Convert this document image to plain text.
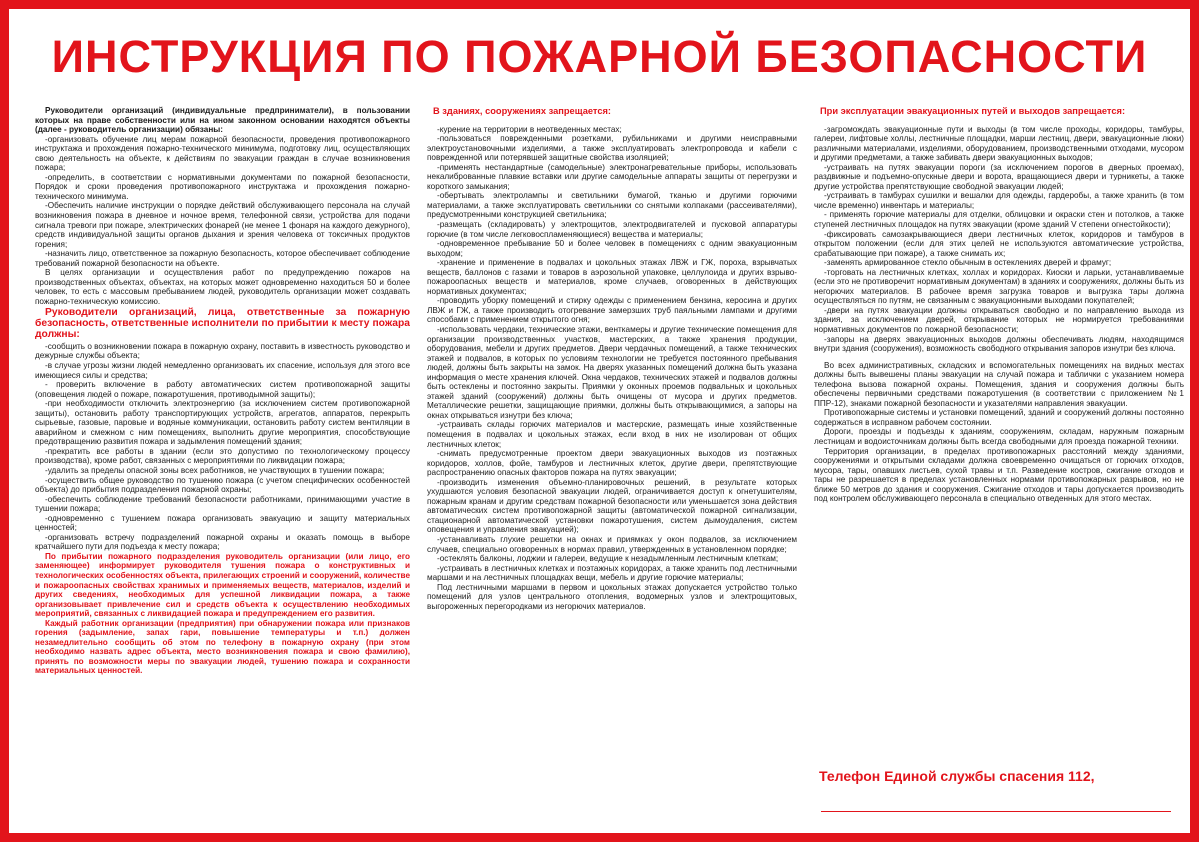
ИНСТРУКЦИЯ ПО ПОЖАРНОЙ БЕЗОПАСНОСТИ

Руководители организаций (индивидуальные предприниматели), в пользовании которых на праве собственности или на ином законном основании находятся объекты (далее - руководитель организации) обязаны:

-организовать обучение лиц мерам пожарной безопасности, проведения противопожарного инструктажа и прохождения пожарно-технического минимума, подготовку лиц, осуществляющих свою деятельность на объекте, к действиям по эвакуации граждан в случае возникновения пожара;

-определить, в соответствии с нормативными документами по пожарной безопасности, Порядок и сроки проведения противопожарного инструктажа и прохождения пожарно-технического минимума.

-Обеспечить наличие инструкции о порядке действий обслуживающего персонала на случай возникновения пожара в дневное и ночное время, телефонной связи, устройства для подачи сигнала тревоги при пожаре, электрических фонарей (не менее 1 фонаря на каждого дежурного), средств индивидуальной защиты органов дыхания и зрения человека от токсичных продуктов горения;

-назначить лицо, ответственное за пожарную безопасность, которое обеспечивает соблюдение требований пожарной безопасности на объекте.

В целях организации и осуществления работ по предупреждению пожаров на производственных объектах, объектах, на которых может одновременно находиться 50 и более человек, то есть с массовым пребыванием людей, руководитель организации может создавать пожарно-техническую комиссию.

Руководители организаций, лица, ответственные за пожарную безопасность, ответственные исполнители по прибытии к месту пожара должны:

-сообщить о возникновении пожара в пожарную охрану, поставить в известность руководство и дежурные службы объекта;

-в случае угрозы жизни людей немедленно организовать их спасение, используя для этого все имеющиеся силы и средства;

- проверить включение в работу автоматических систем противопожарной защиты (оповещения людей о пожаре, пожаротушения, противодымной защиты);

-при необходимости отключить электроэнергию (за исключением систем противопожарной защиты), остановить работу транспортирующих устройств, агрегатов, аппаратов, перекрыть сырьевые, газовые, паровые и водяные коммуникации, остановить работу систем вентиляции в аварийном и смежном с ним помещениях, выполнить другие мероприятия, способствующие предотвращению развития пожара и задымления помещений здания;

-прекратить все работы в здании (если это допустимо по технологическому процессу производства), кроме работ, связанных с мероприятиями по ликвидации пожара;

-удалить за пределы опасной зоны всех работников, не участвующих в тушении пожара;

-осуществить общее руководство по тушению пожара (с учетом специфических особенностей объекта) до прибытия подразделения пожарной охраны;

-обеспечить соблюдение требований безопасности работниками, принимающими участие в тушении пожара;

-одновременно с тушением пожара организовать эвакуацию и защиту материальных ценностей;

-организовать встречу подразделений пожарной охраны и оказать помощь в выборе кратчайшего пути для подъезда к месту пожара;

По прибытии пожарного подразделения руководитель организации (или лицо, его заменяющее) информирует руководителя тушения пожара о конструктивных и технологических особенностях объекта, прилегающих строений и сооружений, количестве и пожароопасных свойствах хранимых и применяемых веществ, материалов, изделий и других сведениях, необходимых для успешной ликвидации пожара, а также организовывает привлечение сил и средств объекта к осуществлению необходимых мероприятий, связанных с ликвидацией пожара и предупреждением его развития.

Каждый работник организации (предприятия) при обнаружении пожара или признаков горения (задымление, запах гари, повышение температуры и т.п.) должен незамедлительно сообщить об этом по телефону в пожарную охрану (при этом необходимо назвать адрес объекта, место возникновения пожара и свою фамилию), принять по возможности меры по эвакуации людей, тушению пожара и сохранности материальных ценностей.

В зданиях, сооружениях запрещается:

-курение на территории в неотведенных местах;

-пользоваться поврежденными розетками, рубильниками и другими неисправными электроустановочными изделиями, а также эксплуатировать электропровода и кабели с поврежденной или потерявшей защитные свойства изоляцией;

-применять нестандартные (самодельные) электронагревательные приборы, использовать некалиброванные плавкие вставки или другие самодельные аппараты защиты от перегрузки и короткого замыкания;

-обертывать электролампы и светильники бумагой, тканью и другими горючими материалами, а также эксплуатировать светильники со снятыми колпаками (рассеивателями), предусмотренными конструкцией светильника;

-размещать (складировать) у электрощитов, электродвигателей и пусковой аппаратуры горючие (в том числе легковоспламеняющиеся) вещества и материалы;

-одновременное пребывание 50 и более человек в помещениях с одним эвакуационным выходом;

-хранение и применение в подвалах и цокольных этажах ЛВЖ и ГЖ, пороха, взрывчатых веществ, баллонов с газами и товаров в аэрозольной упаковке, целлулоида и других взрыво-пожароопасных веществ и материалов, кроме случаев, оговоренных в действующих нормативных документах;

-проводить уборку помещений и стирку одежды с применением бензина, керосина и других ЛВЖ и ГЖ, а также производить отогревание замерзших труб паяльными лампами и другими способами с применением открытого огня;

-использовать чердаки, технические этажи, венткамеры и другие технические помещения для организации производственных участков, мастерских, а также хранения продукции, оборудования, мебели и других предметов. Двери чердачных помещений, а также технических этажей и подвалов, в которых по условиям технологии не требуется постоянного пребывания людей, должны быть закрыты на замок. На дверях указанных помещений должна быть указана информация о месте хранения ключей. Окна чердаков, технических этажей и подвалов должны быть остеклены и постоянно закрыты. Приямки у оконных проемов подвальных и цокольных этажей зданий (сооружений) должны быть очищены от мусора и других предметов. Металлические решетки, защищающие приямки, должны быть открывающимися, а запоры на окнах открываться изнутри без ключа;

-устраивать склады горючих материалов и мастерские, размещать иные хозяйственные помещения в подвалах и цокольных этажах, если вход в них не изолирован от общих лестничных клеток;

-снимать предусмотренные проектом двери эвакуационных выходов из поэтажных коридоров, холлов, фойе, тамбуров и лестничных клеток, другие двери, препятствующие распространению опасных факторов пожара на путях эвакуации;

-производить изменения объемно-планировочных решений, в результате которых ухудшаются условия безопасной эвакуации людей, ограничивается доступ к огнетушителям, пожарным кранам и другим средствам пожарной безопасности или уменьшается зона действия автоматических систем противопожарной защиты (автоматической пожарной сигнализации, стационарной автоматической установки пожаротушения, систем дымоудаления, систем оповещения и управления эвакуацией);

-устанавливать глухие решетки на окнах и приямках у окон подвалов, за исключением случаев, специально оговоренных в нормах правил, утвержденных в установленном порядке;

-остеклять балконы, лоджии и галереи, ведущие к незадымленным лестничным клеткам;

-устраивать в лестничных клетках и поэтажных коридорах, а также хранить под лестничными маршами и на лестничных площадках вещи, мебель и другие горючие материалы;

Под лестничными маршами в первом и цокольных этажах допускается устройство только помещений для узлов центрального отопления, водомерных узлов и электрощитовых, выгороженных перегородками из негорючих материалов.

При эксплуатации эвакуационных путей и выходов запрещается:

-загромождать эвакуационные пути и выходы (в том числе проходы, коридоры, тамбуры, галереи, лифтовые холлы, лестничные площадки, марши лестниц, двери, эвакуационные люки) различными материалами, изделиями, оборудованием, производственными отходами, мусором и другими предметами, а также забивать двери эвакуационных выходов;

-устраивать на путях эвакуации пороги (за исключением порогов в дверных проемах), раздвижные и подъемно-опускные двери и ворота, вращающиеся двери и турникеты, а также другие устройства препятствующие свободной эвакуации людей;

-устраивать в тамбурах сушилки и вешалки для одежды, гардеробы, а также хранить (в том числе временно) инвентарь и материалы;

- применять горючие материалы для отделки, облицовки и окраски стен и потолков, а также ступеней лестничных площадок на путях эвакуации (кроме зданий V степени огнестойкости);

-фиксировать самозакрывающиеся двери лестничных клеток, коридоров и тамбуров в открытом положении (если для этих целей не используются автоматические устройства, срабатывающие при пожаре), а также снимать их;

-заменять армированное стекло обычным в остеклениях дверей и фрамуг;

-торговать на лестничных клетках, холлах и коридорах. Киоски и ларьки, устанавливаемые (если это не противоречит нормативным документам) в зданиях и сооружениях, должны быть из негорючих материалов. В рабочее время загрузка товаров и выгрузка тары должна осуществляться по путям, не связанным с эвакуационными выходами покупателей;

-двери на путях эвакуации должны открываться свободно и по направлению выхода из здания, за исключением дверей, открывание которых не нормируется требованиями нормативных документов по пожарной безопасности;

-запоры на дверях эвакуационных выходов должны обеспечивать людям, находящимся внутри здания (сооружения), возможность свободного открывания запоров изнутри без ключа.

Во всех административных, складских и вспомогательных помещениях на видных местах должны быть вывешены планы эвакуации на случай пожара и таблички с указанием номера телефона вызова пожарной охраны. Помещения, здания и сооружения должны быть обеспечены первичными средствами пожаротушения (в соответствии с приложением №1 ППР-12), знаками пожарной безопасности и указателями направления эвакуации.

Противопожарные системы и установки помещений, зданий и сооружений должны постоянно содержаться в исправном рабочем состоянии.

Дороги, проезды и подъезды к зданиям, сооружениям, складам, наружным пожарным лестницам и водоисточникам должны быть всегда свободными для проезда пожарной техники.

Территория организации, в пределах противопожарных расстояний между зданиями, сооружениями и открытыми складами должна своевременно очищаться от горючих отходов, мусора, тары, опавших листьев, сухой травы и т.п. Разведение костров, сжигание отходов и тары не разрешается в пределах установленных нормами противопожарных разрывов, но не ближе 50 метров до здания и сооружения. Сжигание отходов и тары допускается производить под контролем обслуживающего персонала в специально отведенных для этого местах.

Телефон Единой службы спасения 112,
